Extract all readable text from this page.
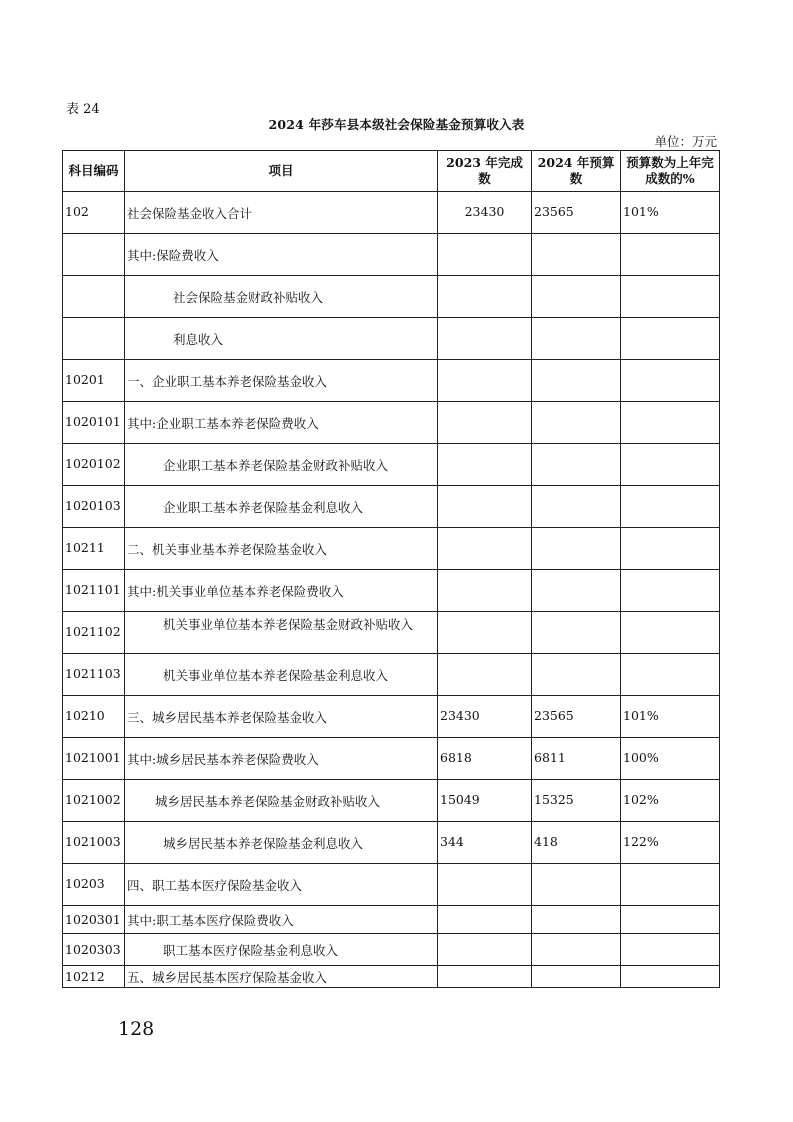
表 24
2024 年莎车县本级社会保险基金预算收入表
单位：万元
科目编码	项目	2023 年完成数	2024 年预算数	预算数为上年完成数的%
102	社会保险基金收入合计	23430	23565	101%
	其中:保险费收入			
	社会保险基金财政补贴收入			
	利息收入			
10201	一、企业职工基本养老保险基金收入			
1020101	其中:企业职工基本养老保险费收入			
1020102	企业职工基本养老保险基金财政补贴收入			
1020103	企业职工基本养老保险基金利息收入			
10211	二、机关事业基本养老保险基金收入			
1021101	其中:机关事业单位基本养老保险费收入			
1021102	机关事业单位基本养老保险基金财政补贴收入			
1021103	机关事业单位基本养老保险基金利息收入			
10210	三、城乡居民基本养老保险基金收入	23430	23565	101%
1021001	其中:城乡居民基本养老保险费收入	6818	6811	100%
1021002	城乡居民基本养老保险基金财政补贴收入	15049	15325	102%
1021003	城乡居民基本养老保险基金利息收入	344	418	122%
10203	四、职工基本医疗保险基金收入			
1020301	其中:职工基本医疗保险费收入			
1020303	职工基本医疗保险基金利息收入			
10212	五、城乡居民基本医疗保险基金收入			
128
